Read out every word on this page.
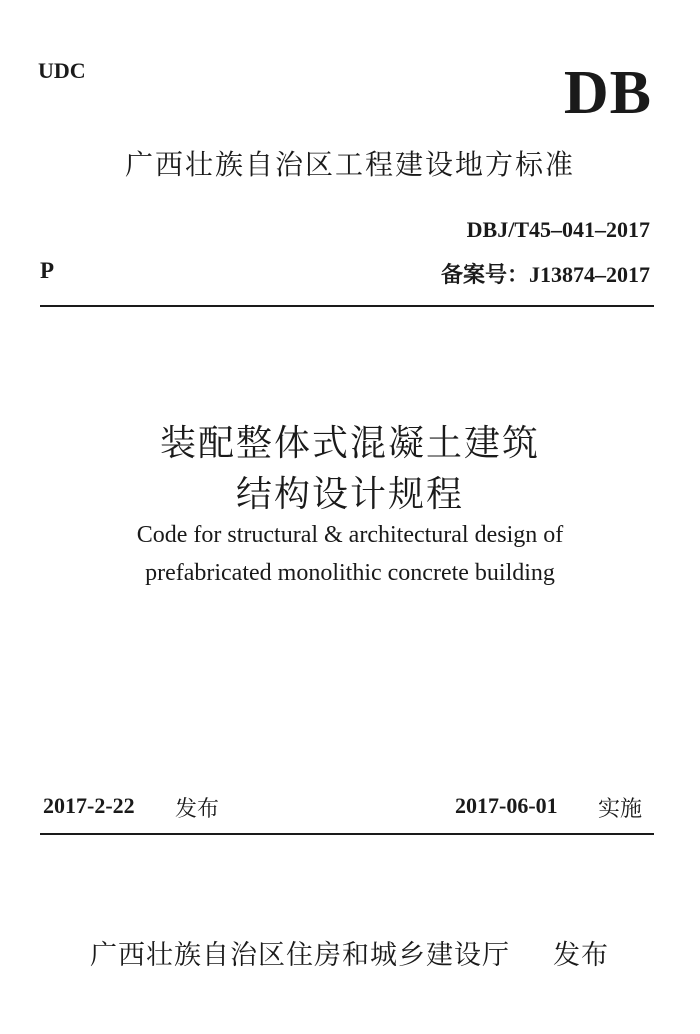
UDC	DB
广西壮族自治区工程建设地方标准
DBJ/T45–041–2017
P	备案号：J13874–2017
装配整体式混凝土建筑
结构设计规程
Code for structural & architectural design of
prefabricated monolithic concrete building
2017-2-22 发布	2017-06-01 实施
广西壮族自治区住房和城乡建设厅 发布
